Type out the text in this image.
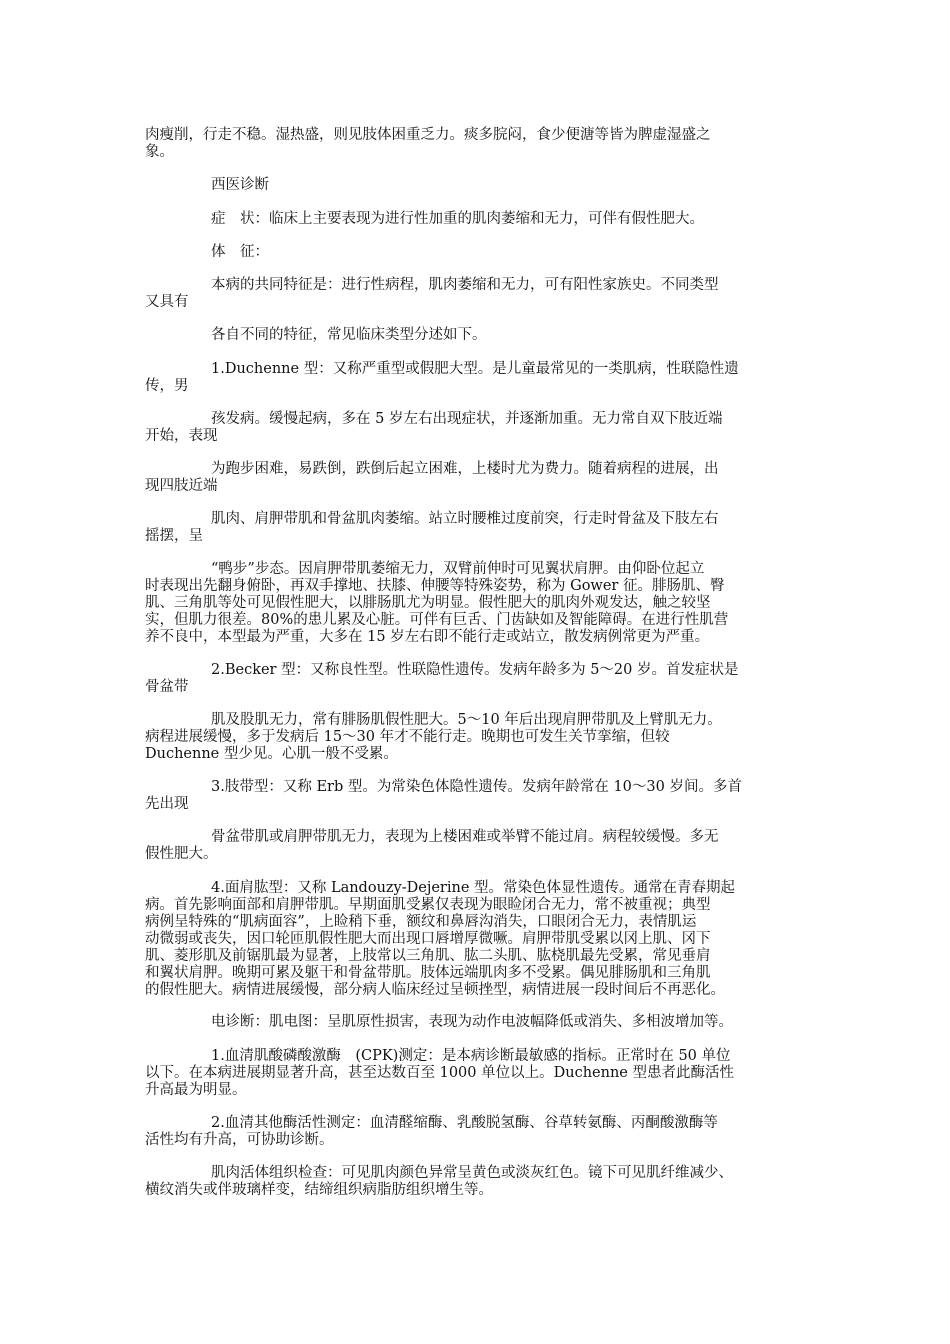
肉瘦削，行走不稳。湿热盛，则见肢体困重乏力。痰多脘闷，食少便溏等皆为脾虚湿盛之
象。
西医诊断
症　状：临床上主要表现为进行性加重的肌肉萎缩和无力，可伴有假性肥大。
体　征：
本病的共同特征是：进行性病程，肌肉萎缩和无力，可有阳性家族史。不同类型
又具有
各自不同的特征，常见临床类型分述如下。
1.Duchenne 型：又称严重型或假肥大型。是儿童最常见的一类肌病，性联隐性遗
传，男
孩发病。缓慢起病，多在 5 岁左右出现症状，并逐渐加重。无力常自双下肢近端
开始，表现
为跑步困难，易跌倒，跌倒后起立困难，上楼时尤为费力。随着病程的进展，出
现四肢近端
肌肉、肩胛带肌和骨盆肌肉萎缩。站立时腰椎过度前突，行走时骨盆及下肢左右
摇摆，呈
“鸭步”步态。因肩胛带肌萎缩无力，双臂前伸时可见翼状肩胛。由仰卧位起立
时表现出先翻身俯卧，再双手撑地、扶膝、伸腰等特殊姿势，称为 Gower 征。腓肠肌、臀
肌、三角肌等处可见假性肥大，以腓肠肌尤为明显。假性肥大的肌肉外观发达，触之较坚
实，但肌力很差。80%的患儿累及心脏。可伴有巨舌、门齿缺如及智能障碍。在进行性肌营
养不良中，本型最为严重，大多在 15 岁左右即不能行走或站立，散发病例常更为严重。
2.Becker 型：又称良性型。性联隐性遗传。发病年龄多为 5～20 岁。首发症状是
骨盆带
肌及股肌无力，常有腓肠肌假性肥大。5～10 年后出现肩胛带肌及上臂肌无力。
病程进展缓慢，多于发病后 15～30 年才不能行走。晚期也可发生关节挛缩，但较
Duchenne 型少见。心肌一般不受累。
3.肢带型：又称 Erb 型。为常染色体隐性遗传。发病年龄常在 10～30 岁间。多首
先出现
骨盆带肌或肩胛带肌无力，表现为上楼困难或举臂不能过肩。病程较缓慢。多无
假性肥大。
4.面肩肱型：又称 Landouzy-Dejerine 型。常染色体显性遗传。通常在青春期起
病。首先影响面部和肩胛带肌。早期面肌受累仅表现为眼睑闭合无力，常不被重视；典型
病例呈特殊的“肌病面容”，上睑稍下垂，额纹和鼻唇沟消失，口眼闭合无力，表情肌运
动微弱或丧失，因口轮匝肌假性肥大而出现口唇增厚微噘。肩胛带肌受累以冈上肌、冈下
肌、菱形肌及前锯肌最为显著，上肢常以三角肌、肱二头肌、肱桡肌最先受累，常见垂肩
和翼状肩胛。晚期可累及躯干和骨盆带肌。肢体远端肌肉多不受累。偶见腓肠肌和三角肌
的假性肥大。病情进展缓慢，部分病人临床经过呈顿挫型，病情进展一段时间后不再恶化。
电诊断：肌电图：呈肌原性损害，表现为动作电波幅降低或消失、多相波增加等。
1.血清肌酸磷酸激酶　(CPK)测定：是本病诊断最敏感的指标。正常时在 50 单位
以下。在本病进展期显著升高，甚至达数百至 1000 单位以上。Duchenne 型患者此酶活性
升高最为明显。
2.血清其他酶活性测定：血清醛缩酶、乳酸脱氢酶、谷草转氨酶、丙酮酸激酶等
活性均有升高，可协助诊断。
肌肉活体组织检查：可见肌肉颜色异常呈黄色或淡灰红色。镜下可见肌纤维减少、
横纹消失或伴玻璃样变，结缔组织病脂肪组织增生等。
